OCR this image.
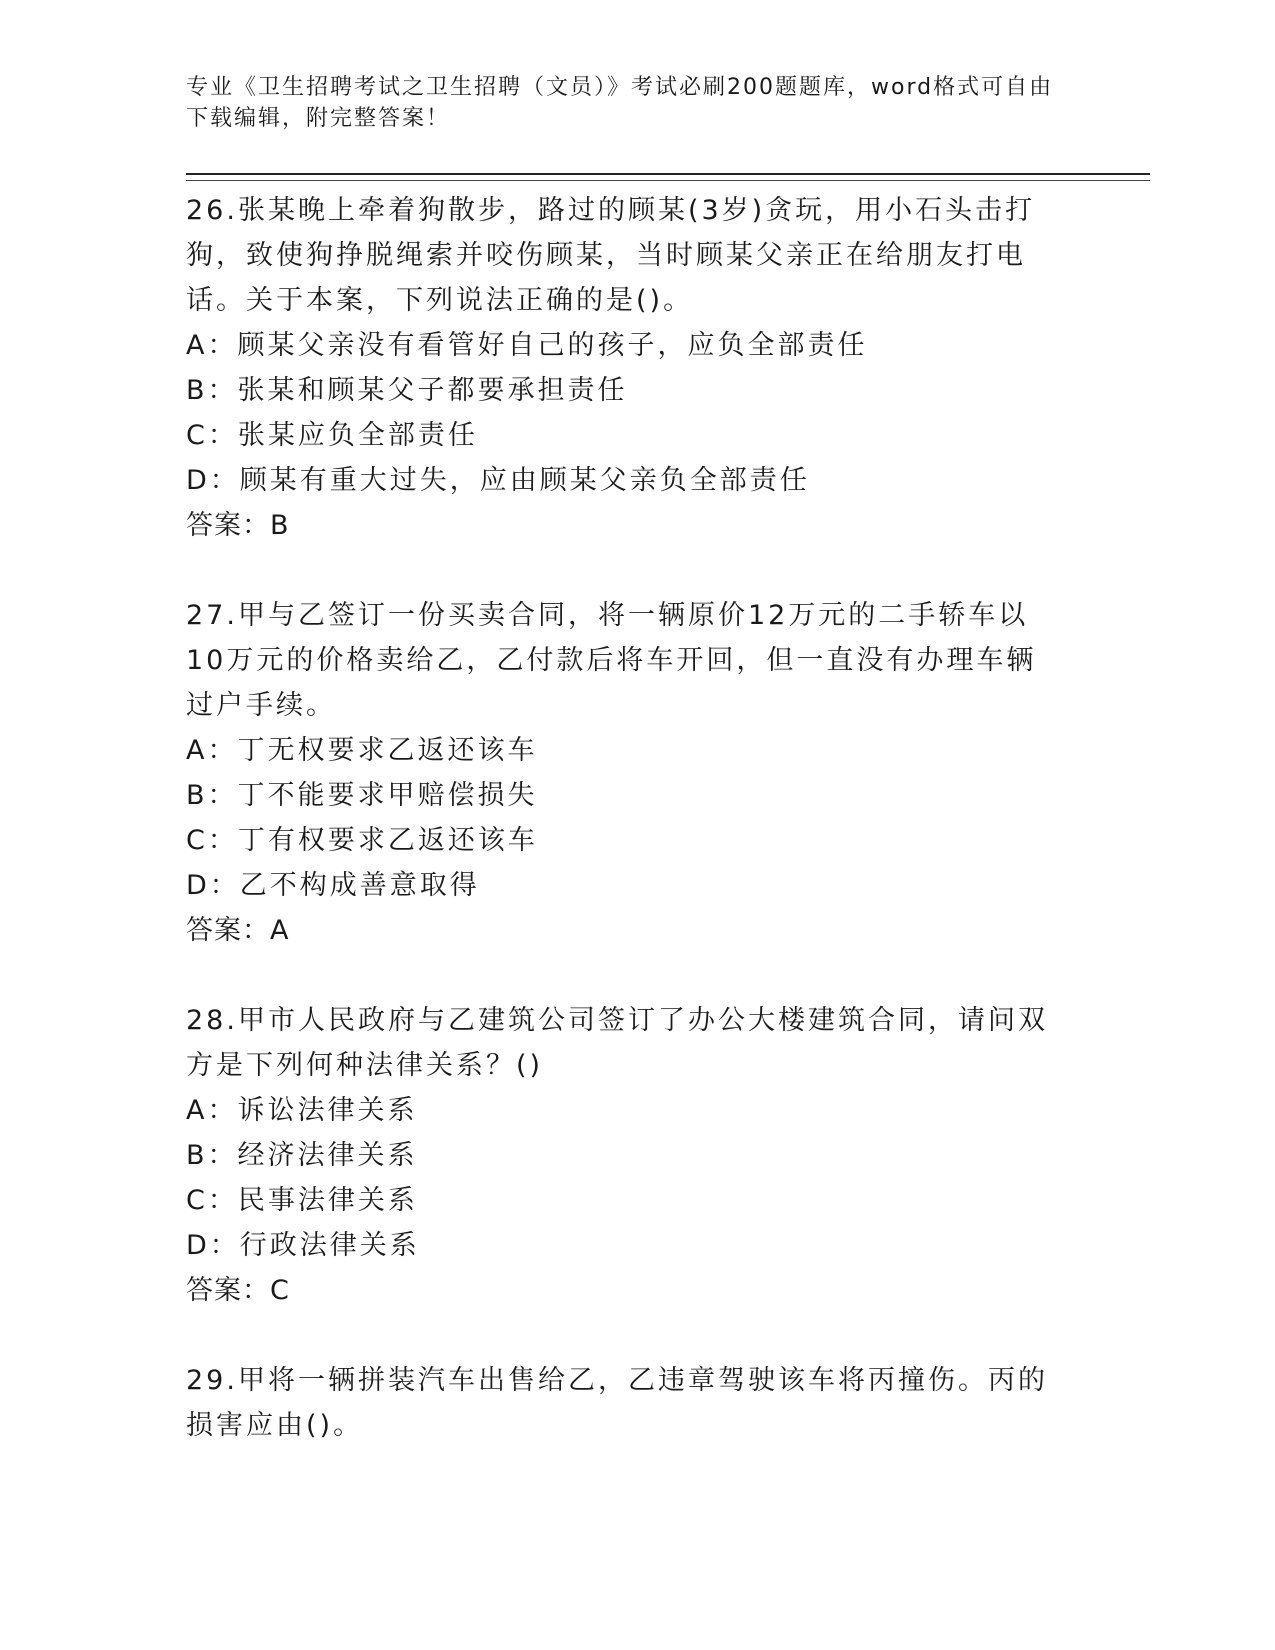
专业《卫生招聘考试之卫生招聘（文员）》考试必刷200题题库，word格式可自由下载编辑，附完整答案！

26.张某晚上牵着狗散步，路过的顾某(3岁)贪玩，用小石头击打狗，致使狗挣脱绳索并咬伤顾某，当时顾某父亲正在给朋友打电话。关于本案，下列说法正确的是()。

A：顾某父亲没有看管好自己的孩子，应负全部责任

B：张某和顾某父子都要承担责任

C：张某应负全部责任

D：顾某有重大过失，应由顾某父亲负全部责任

答案：B

27.甲与乙签订一份买卖合同，将一辆原价12万元的二手轿车以10万元的价格卖给乙，乙付款后将车开回，但一直没有办理车辆过户手续。

A：丁无权要求乙返还该车

B：丁不能要求甲赔偿损失

C：丁有权要求乙返还该车

D：乙不构成善意取得

答案：A

28.甲市人民政府与乙建筑公司签订了办公大楼建筑合同，请问双方是下列何种法律关系？()

A：诉讼法律关系

B：经济法律关系

C：民事法律关系

D：行政法律关系

答案：C

29.甲将一辆拼装汽车出售给乙，乙违章驾驶该车将丙撞伤。丙的损害应由()。
